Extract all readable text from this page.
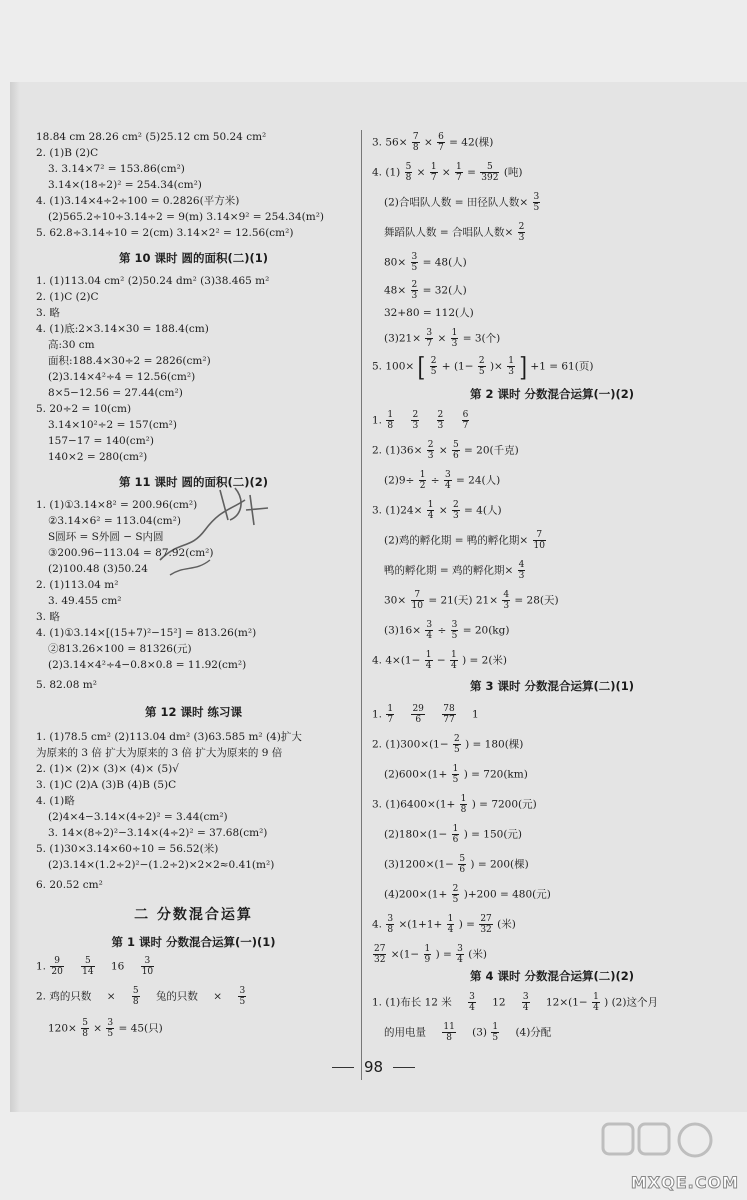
18.84 cm 28.26 cm² (5)25.12 cm 50.24 cm²
2. (1)B (2)C
3. 3.14×7² = 153.86(cm²)
3.14×(18÷2)² = 254.34(cm²)
4. (1)3.14×4÷2÷100 = 0.2826(平方米)
(2)565.2÷10÷3.14÷2 = 9(m) 3.14×9² = 254.34(m²)
5. 62.8÷3.14÷10 = 2(cm) 3.14×2² = 12.56(cm²)
第 10 课时 圆的面积(二)(1)
1. (1)113.04 cm² (2)50.24 dm² (3)38.465 m²
2. (1)C (2)C
3. 略
4. (1)底:2×3.14×30 = 188.4(cm)
高:30 cm
面积:188.4×30÷2 = 2826(cm²)
(2)3.14×4²÷4 = 12.56(cm²)
8×5−12.56 = 27.44(cm²)
5. 20÷2 = 10(cm)
3.14×10²÷2 = 157(cm²)
157−17 = 140(cm²)
140×2 = 280(cm²)
第 11 课时 圆的面积(二)(2)
1. (1)①3.14×8² = 200.96(cm²)
②3.14×6² = 113.04(cm²)
S圆环 = S外圆 − S内圆
③200.96−113.04 = 87.92(cm²)
(2)100.48 (3)50.24
2. (1)113.04 m²
3. 49.455 cm²
3. 略
4. (1)①3.14×[(15+7)²−15²] = 813.26(m²)
②813.26×100 = 81326(元)
(2)3.14×4²÷4−0.8×0.8 = 11.92(cm²)
5. 82.08 m²
第 12 课时 练习课
1. (1)78.5 cm² (2)113.04 dm² (3)63.585 m² (4)扩大
为原来的 3 倍 扩大为原来的 3 倍 扩大为原来的 9 倍
2. (1)× (2)× (3)× (4)× (5)√
3. (1)C (2)A (3)B (4)B (5)C
4. (1)略
(2)4×4−3.14×(4÷2)² = 3.44(cm²)
3. 14×(8÷2)²−3.14×(4÷2)² = 37.68(cm²)
5. (1)30×3.14×60÷10 = 56.52(米)
(2)3.14×(1.2÷2)²−(1.2÷2)×2×2≈0.41(m²)
6. 20.52 cm²
二 分数混合运算
第 1 课时 分数混合运算(一)(1)
1. $\frac{9}{20}$
$\frac{5}{14} 16 \frac{3}{10}$
2. 鸡的只数 × $\frac{5}{8}$ 兔的只数 × $\frac{3}{5}$
$120\times \frac{5}{8} \times \frac{3}{5} = 45$(只)
3. $56\times \frac{7}{8} \times \frac{6}{7} = 42$(棵)
4. $(1) \frac{5}{8} \times \frac{1}{7} \times \frac{1}{7} = \frac{5}{392}$ (吨)
(2)合唱队人数 = 田径队人数× $\frac{3}{5}$
舞蹈队人数 = 合唱队人数× $\frac{2}{3}$
$80\times \frac{3}{5} = 48$(人)
$48\times \frac{2}{3} = 32$(人)
32+80 = 112(人)
$(3)21\times \frac{3}{7} \times \frac{1}{3} = 3$(个)
5. 100× [ $\frac{2}{5} + (1- \frac{2}{5}$ )× $\frac{1}{3}$ ] +1 = 61(页)
第 2 课时 分数混合运算(一)(2)
1. $\frac{1}{8}$
$\frac{2}{3}$
$\frac{2}{3}$
$\frac{6}{7}$
2. $(1)36\times \frac{2}{3} \times \frac{5}{6} = 20$(千克)
$(2)9\div \frac{1}{2} \div \frac{3}{4} = 24$(人)
3. $(1)24\times \frac{1}{4} \times \frac{2}{3} = 4$(人)
(2)鸡的孵化期 = 鸭的孵化期× $\frac{7}{10}$
鸭的孵化期 = 鸡的孵化期× $\frac{4}{3}$
$30\times \frac{7}{10} = 21$(天) $21\times \frac{4}{3} = 28$(天)
$(3)16\times \frac{3}{4} \div \frac{3}{5} = 20(kg)$
4. $4\times(1- \frac{1}{4} - \frac{1}{4}$ ) = 2(米)
第 3 课时 分数混合运算(二)(1)
1. $\frac{1}{7}$
$\frac{29}{6}$
$\frac{78}{77} 1$
2. $(1)300\times(1- \frac{2}{5}$ ) = 180(棵)
$(2)600\times(1+ \frac{1}{5}$ ) = 720(km)
3. $(1)6400\times(1+ \frac{1}{8}$ ) = 7200(元)
$(2)180\times(1- \frac{1}{6}$ ) = 150(元)
$(3)1200\times(1- \frac{5}{6}$ ) = 200(棵)
$(4)200\times(1+ \frac{2}{5} )+200 = 480$(元)
4. $\frac{3}{8} \times(1+1+ \frac{1}{4}$ ) = $\frac{27}{32}$ (米)
$\frac{27}{32} \times(1- \frac{1}{9}$ ) = $\frac{3}{4}$ (米)
第 4 课时 分数混合运算(二)(2)
1. (1)布长 12 米 $\frac{3}{4} 12 \frac{3}{4} 12\times(1- \frac{1}{4}$ ) (2)这个月
的用电量 $\frac{11}{8} (3) \frac{1}{5} (4)$分配
98
MXQE.COM
